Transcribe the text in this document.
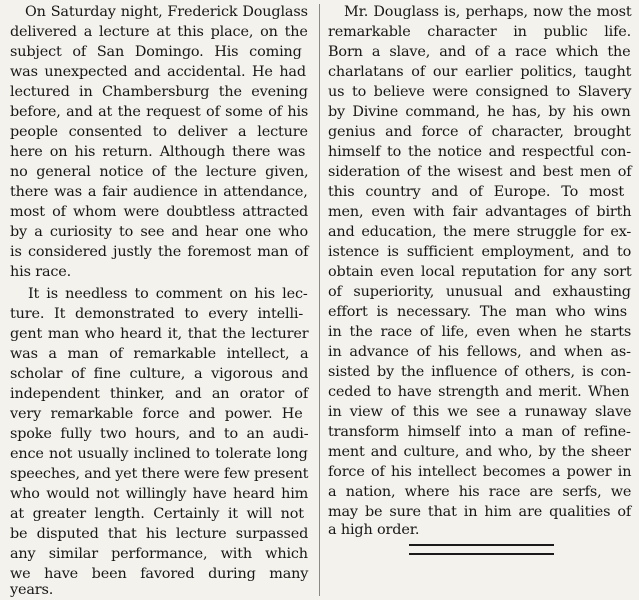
On Saturday night, Frederick Douglass
delivered a lecture at this place, on the
subject of San Domingo. His coming
was unexpected and accidental. He had
lectured in Chambersburg the evening
before, and at the request of some of his
people consented to deliver a lecture
here on his return. Although there was
no general notice of the lecture given,
there was a fair audience in attendance,
most of whom were doubtless attracted
by a curiosity to see and hear one who
is considered justly the foremost man of
his race.
It is needless to comment on his lec-
ture. It demonstrated to every intelli-
gent man who heard it, that the lecturer
was a man of remarkable intellect, a
scholar of fine culture, a vigorous and
independent thinker, and an orator of
very remarkable force and power. He
spoke fully two hours, and to an audi-
ence not usually inclined to tolerate long
speeches, and yet there were few present
who would not willingly have heard him
at greater length. Certainly it will not
be disputed that his lecture surpassed
any similar performance, with which
we have been favored during many
years.
Mr. Douglass is, perhaps, now the most
remarkable character in public life.
Born a slave, and of a race which the
charlatans of our earlier politics, taught
us to believe were consigned to Slavery
by Divine command, he has, by his own
genius and force of character, brought
himself to the notice and respectful con-
sideration of the wisest and best men of
this country and of Europe. To most
men, even with fair advantages of birth
and education, the mere struggle for ex-
istence is sufficient employment, and to
obtain even local reputation for any sort
of superiority, unusual and exhausting
effort is necessary. The man who wins
in the race of life, even when he starts
in advance of his fellows, and when as-
sisted by the influence of others, is con-
ceded to have strength and merit. When
in view of this we see a runaway slave
transform himself into a man of refine-
ment and culture, and who, by the sheer
force of his intellect becomes a power in
a nation, where his race are serfs, we
may be sure that in him are qualities of
a high order.
